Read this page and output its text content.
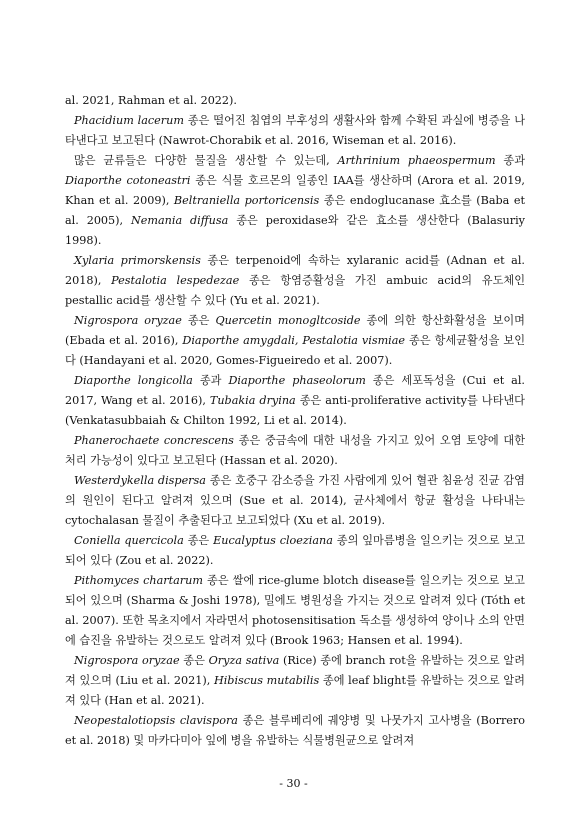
al. 2021, Rahman et al. 2022).

Phacidium lacerum 종은 떨어진 침엽의 부후성의 생활사와 함께 수확된 과실에 병증을 나타낸다고 보고된다 (Nawrot-Chorabik et al. 2016, Wiseman et al. 2016).

많은 균류들은 다양한 물질을 생산할 수 있는데, Arthrinium phaeospermum 종과 Diaporthe cotoneastri 종은 식물 호르몬의 일종인 IAA를 생산하며 (Arora et al. 2019, Khan et al. 2009), Beltraniella portoricensis 종은 endoglucanase 효소를 (Baba et al. 2005), Nemania diffusa 종은 peroxidase와 같은 효소를 생산한다 (Balasuriy 1998).

Xylaria primorskensis 종은 terpenoid에 속하는 xylaranic acid를 (Adnan et al. 2018), Pestalotia lespedezae 종은 항염증활성을 가진 ambuic acid의 유도체인 pestallic acid를 생산할 수 있다 (Yu et al. 2021).

Nigrospora oryzae 종은 Quercetin monogltcoside 종에 의한 항산화활성을 보이며 (Ebada et al. 2016), Diaporthe amygdali, Pestalotia vismiae 종은 항세균활성을 보인다 (Handayani et al. 2020, Gomes-Figueiredo et al. 2007).

Diaporthe longicolla 종과 Diaporthe phaseolorum 종은 세포독성을 (Cui et al. 2017, Wang et al. 2016), Tubakia dryina 종은 anti-proliferative activity를 나타낸다 (Venkatasubbaiah & Chilton 1992, Li et al. 2014).

Phanerochaete concrescens 종은 중금속에 대한 내성을 가지고 있어 오염 토양에 대한 처리 가능성이 있다고 보고된다 (Hassan et al. 2020).

Westerdykella dispersa 종은 호중구 감소증을 가진 사람에게 있어 혈관 침윤성 진균 감염의 원인이 된다고 알려져 있으며 (Sue et al. 2014), 균사체에서 항균 활성을 나타내는 cytochalasan 물질이 추출된다고 보고되었다 (Xu et al. 2019).

Coniella quercicola 종은 Eucalyptus cloeziana 종의 잎마름병을 일으키는 것으로 보고되어 있다 (Zou et al. 2022).

Pithomyces chartarum 종은 쌀에 rice-glume blotch disease를 일으키는 것으로 보고되어 있으며 (Sharma & Joshi 1978), 밀에도 병원성을 가지는 것으로 알려져 있다 (Tóth et al. 2007). 또한 목초지에서 자라면서 photosensitisation 독소를 생성하여 양이나 소의 안면에 습진을 유발하는 것으로도 알려져 있다 (Brook 1963; Hansen et al. 1994).

Nigrospora oryzae 종은 Oryza sativa (Rice) 종에 branch rot을 유발하는 것으로 알려져 있으며 (Liu et al. 2021), Hibiscus mutabilis 종에 leaf blight를 유발하는 것으로 알려져 있다 (Han et al. 2021).

Neopestalotiopsis clavispora 종은 블루베리에 궤양병 및 나뭇가지 고사병을 (Borrero et al. 2018) 및 마카다미아 잎에 병을 유발하는 식물병원균으로 알려져

- 30 -
